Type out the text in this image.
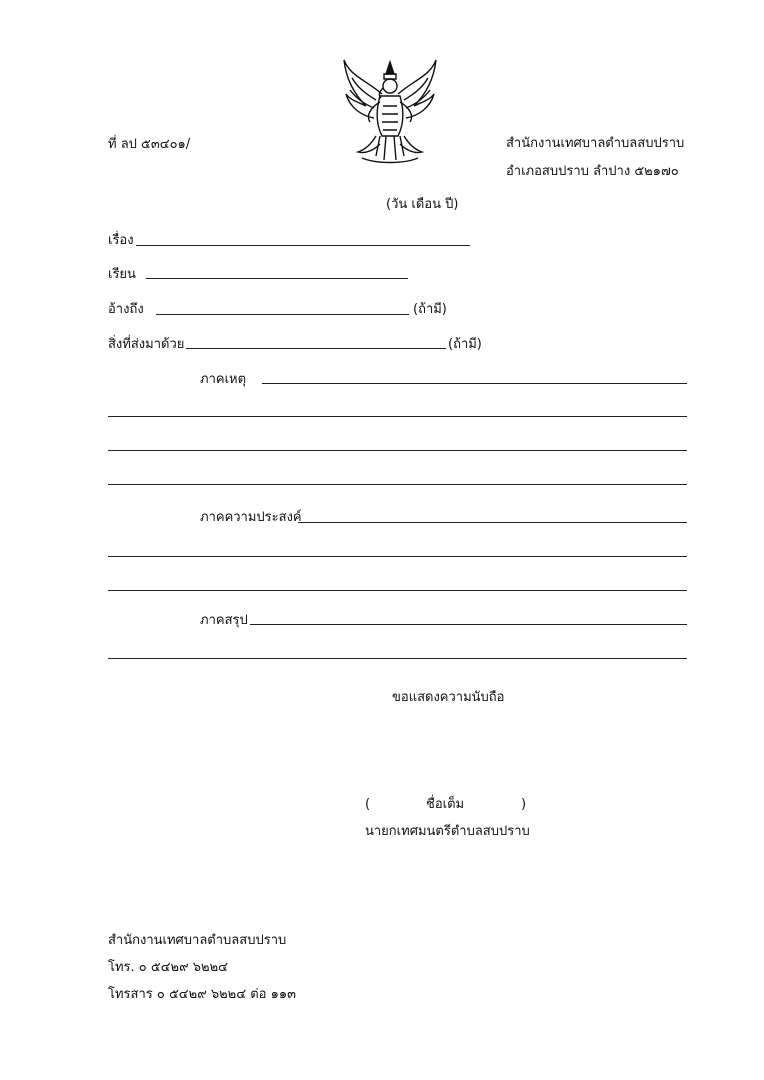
ที่ ลป ๕๓๔๐๑/	สำนักงานเทศบาลตำบลสบปราบ
อำเภอสบปราบ ลำปาง ๕๒๑๗๐
(วัน เดือน ปี)
เรื่อง
เรียน
อ้างถึง	(ถ้ามี)
สิ่งที่ส่งมาด้วย	(ถ้ามี)
ภาคเหตุ
ภาคความประสงค์
ภาคสรุป
ขอแสดงความนับถือ
(	ชื่อเต็ม	)
นายกเทศมนตรีตำบลสบปราบ
สำนักงานเทศบาลตำบลสบปราบ
โทร. ๐ ๕๔๒๙ ๖๒๒๔
โทรสาร ๐ ๕๔๒๙ ๖๒๒๔ ต่อ ๑๑๓
